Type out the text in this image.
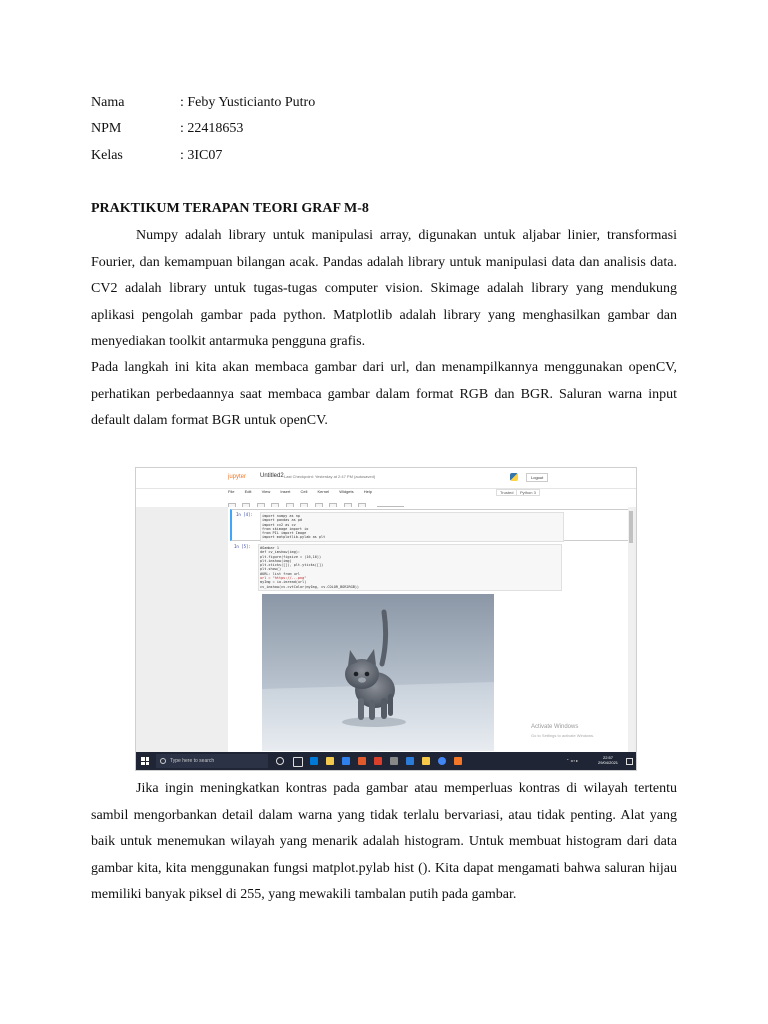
Nama	: Feby Yusticianto Putro
NPM	: 22418653
Kelas	: 3IC07
PRAKTIKUM TERAPAN TEORI GRAF M-8

Numpy adalah library untuk manipulasi array, digunakan untuk aljabar linier, transformasi Fourier, dan kemampuan bilangan acak. Pandas adalah library untuk manipulasi data dan analisis data. CV2 adalah library untuk tugas-tugas computer vision. Skimage adalah library yang mendukung aplikasi pengolah gambar pada python. Matplotlib adalah library yang menghasilkan gambar dan menyediakan toolkit antarmuka pengguna grafis.

Pada langkah ini kita akan membaca gambar dari url, dan menampilkannya menggunakan openCV, perhatikan perbedaannya saat membaca gambar dalam format RGB dan BGR. Saluran warna input default dalam format BGR untuk openCV.

jupyter Untitled2 Last Checkpoint: Yesterday at 2:47 PM (autosaved)	Logout
File	Edit	View	Insert	Cell	Kernel	Widgets	Help	Trusted	Python 3

In [4]:	import numpy as np
import pandas as pd
import cv2 as cv
from skimage import io
from PIL import Image
import matplotlib.pylab as plt
In [5]:	#Gambar 1
def cv_imshow(img):
plt.figure(figsize = (16,16))
plt.imshow(img)
plt.xticks([]), plt.yticks([])
plt.show()
#URL: list from url
url = "https://...png"
myImg = io.imread(url)
cv_imshow(cv.cvtColor(myImg, cv.COLOR_BGR2RGB))
Activate Windows
Go to Settings to activate Windows.
Type here to search	⌃ ◂ ▪ ▸
22:57
29/04/2021

Jika ingin meningkatkan kontras pada gambar atau memperluas kontras di wilayah tertentu sambil mengorbankan detail dalam warna yang tidak terlalu bervariasi, atau tidak penting. Alat yang baik untuk menemukan wilayah yang menarik adalah histogram. Untuk membuat histogram dari data gambar kita, kita menggunakan fungsi matplot.pylab hist (). Kita dapat mengamati bahwa saluran hijau memiliki banyak piksel di 255, yang mewakili tambalan putih pada gambar.
